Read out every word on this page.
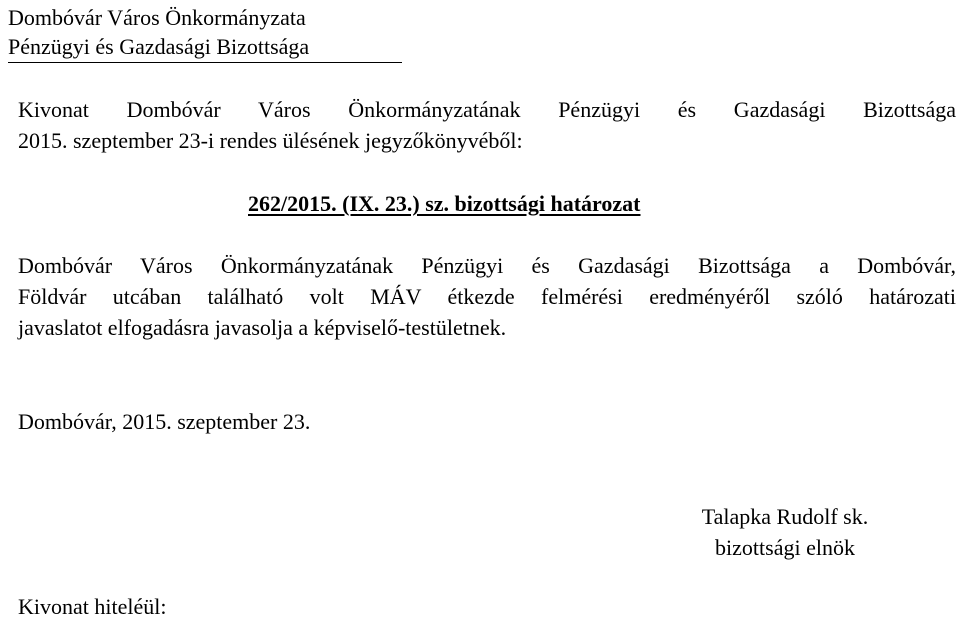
Dombóvár Város Önkormányzata
Pénzügyi és Gazdasági Bizottsága
Kivonat Dombóvár Város Önkormányzatának Pénzügyi és Gazdasági Bizottsága
2015. szeptember 23-i rendes ülésének jegyzőkönyvéből:
262/2015. (IX. 23.) sz. bizottsági határozat
Dombóvár Város Önkormányzatának Pénzügyi és Gazdasági Bizottsága a Dombóvár,
Földvár utcában található volt MÁV étkezde felmérési eredményéről szóló határozati
javaslatot elfogadásra javasolja a képviselő-testületnek.
Dombóvár, 2015. szeptember 23.
Talapka Rudolf sk.
bizottsági elnök
Kivonat hiteléül:
